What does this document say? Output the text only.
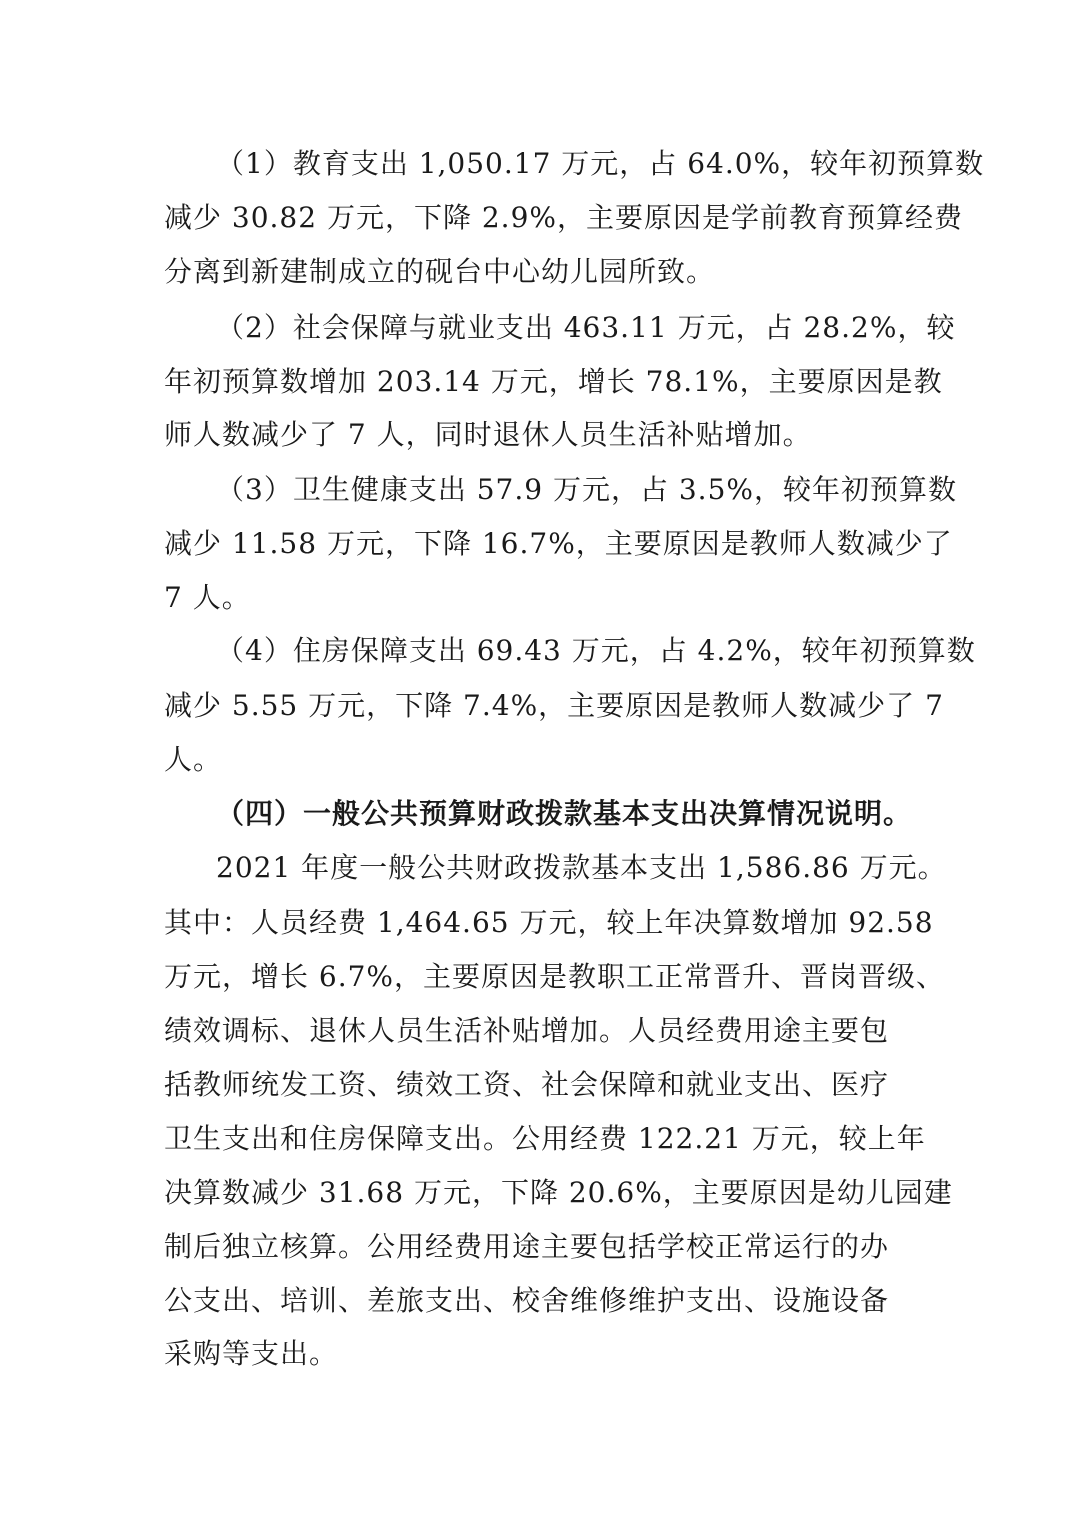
（1）教育支出 1,050.17 万元，占 64.0%，较年初预算数
减少 30.82 万元，下降 2.9%，主要原因是学前教育预算经费
分离到新建制成立的砚台中心幼儿园所致。
（2）社会保障与就业支出 463.11 万元，占 28.2%，较
年初预算数增加 203.14 万元，增长 78.1%，主要原因是教
师人数减少了 7 人，同时退休人员生活补贴增加。
（3）卫生健康支出 57.9 万元，占 3.5%，较年初预算数
减少 11.58 万元，下降 16.7%，主要原因是教师人数减少了
7 人。
（4）住房保障支出 69.43 万元，占 4.2%，较年初预算数
减少 5.55 万元，下降 7.4%，主要原因是教师人数减少了 7
人。
（四）一般公共预算财政拨款基本支出决算情况说明。
2021 年度一般公共财政拨款基本支出 1,586.86 万元。
其中：人员经费 1,464.65 万元，较上年决算数增加 92.58
万元，增长 6.7%，主要原因是教职工正常晋升、晋岗晋级、
绩效调标、退休人员生活补贴增加。人员经费用途主要包
括教师统发工资、绩效工资、社会保障和就业支出、医疗
卫生支出和住房保障支出。公用经费 122.21 万元，较上年
决算数减少 31.68 万元，下降 20.6%，主要原因是幼儿园建
制后独立核算。公用经费用途主要包括学校正常运行的办
公支出、培训、差旅支出、校舍维修维护支出、设施设备
采购等支出。
